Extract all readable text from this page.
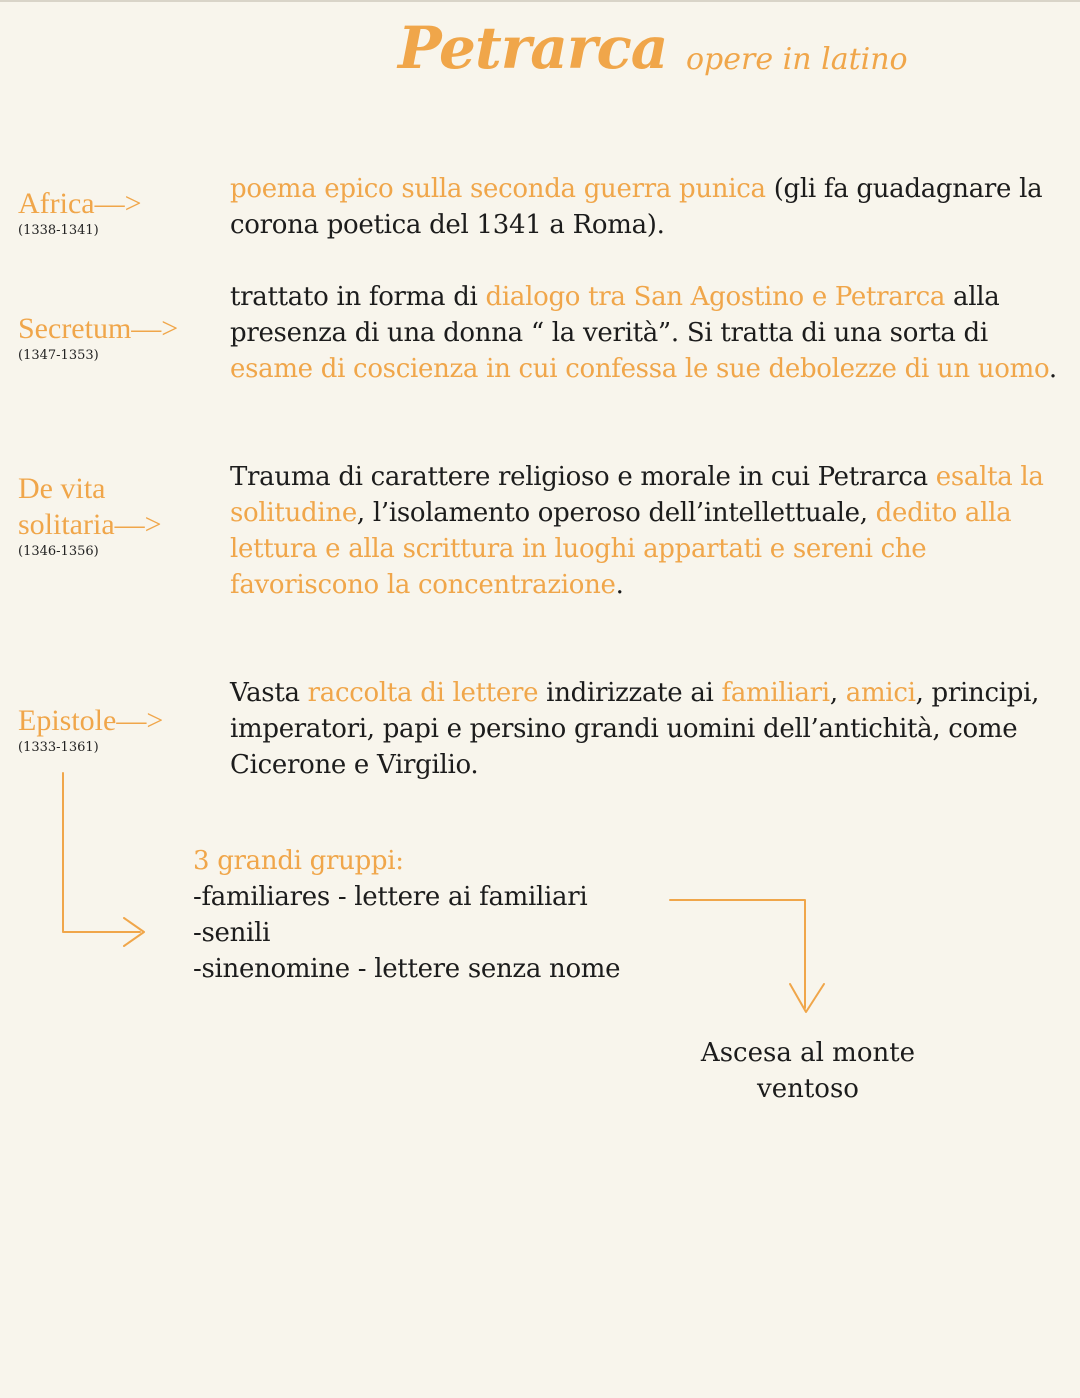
Petrarca opere in latino
Africa—>
(1338-1341)
poema epico sulla seconda guerra punica (gli fa guadagnare la corona poetica del 1341 a Roma).
Secretum—>
(1347-1353)
trattato in forma di dialogo tra San Agostino e Petrarca alla presenza di una donna “ la verità”. Si tratta di una sorta di esame di coscienza in cui confessa le sue debolezze di un uomo.
De vita
solitaria—>
(1346-1356)
Trauma di carattere religioso e morale in cui Petrarca esalta la solitudine, l’isolamento operoso dell’intellettuale, dedito alla lettura e alla scrittura in luoghi appartati e sereni che favoriscono la concentrazione.
Epistole—>
(1333-1361)
Vasta raccolta di lettere indirizzate ai familiari, amici, principi, imperatori, papi e persino grandi uomini dell’antichità, come Cicerone e Virgilio.
3 grandi gruppi:
-familiares - lettere ai familiari
-senili
-sinenomine - lettere senza nome
Ascesa al monte
ventoso
